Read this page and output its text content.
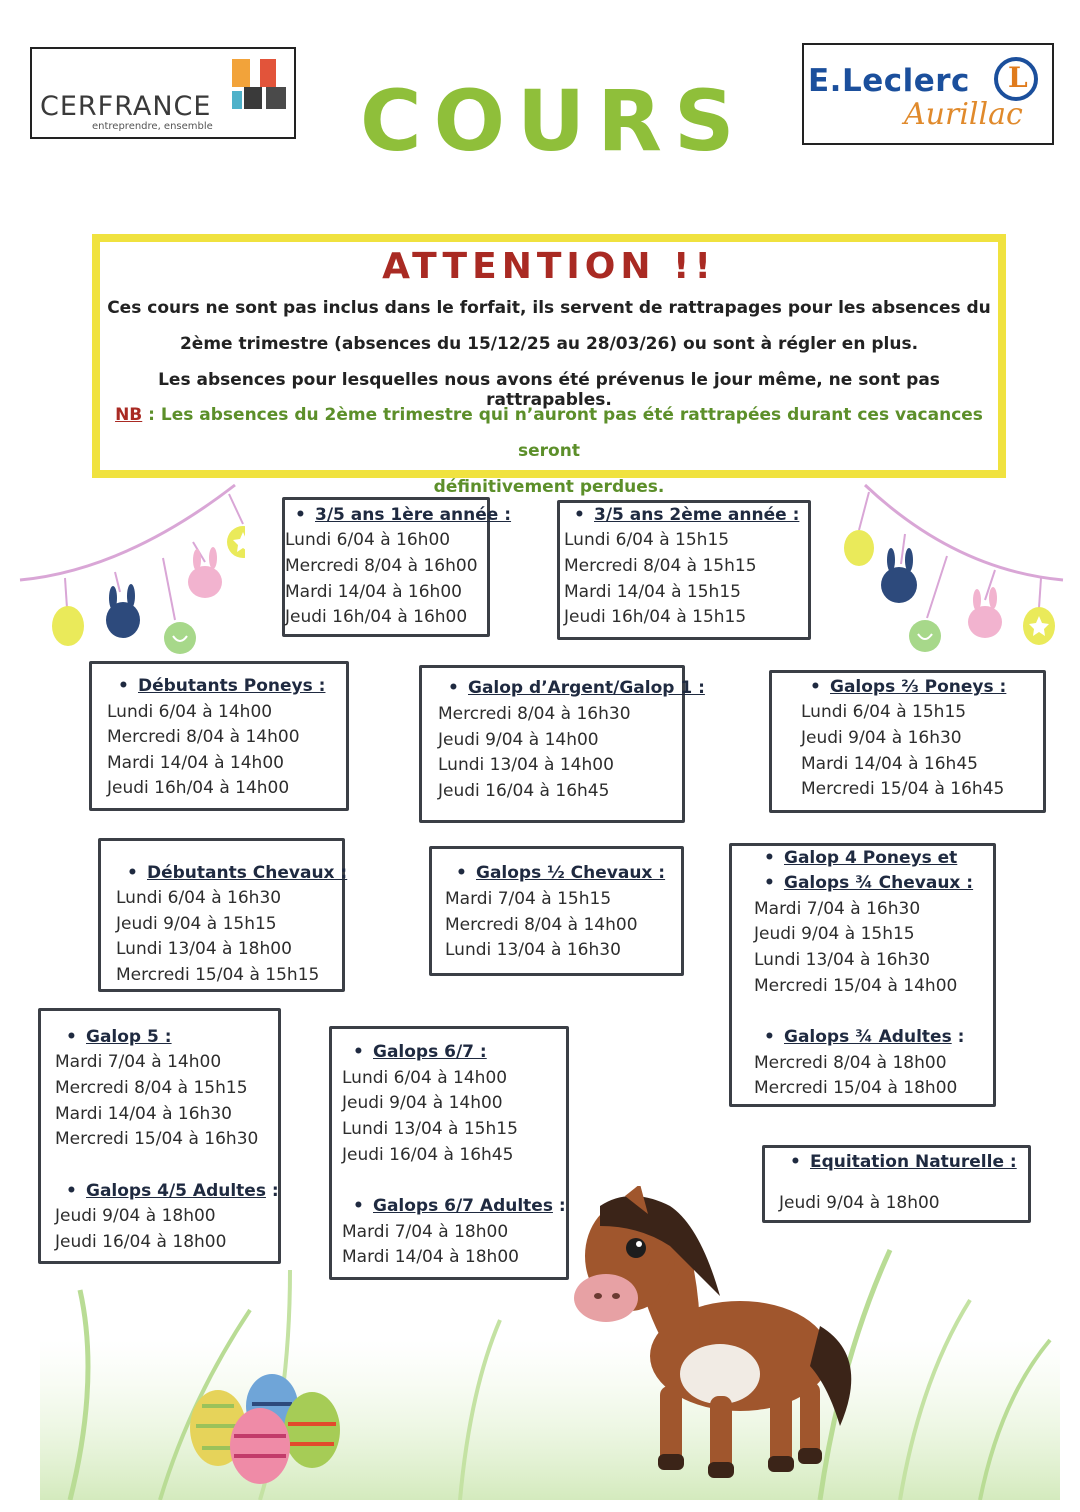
CERFRANCE
entreprendre, ensemble COURS E.Leclerc L
Aurillac
ATTENTION !!
Ces cours ne sont pas inclus dans le forfait, ils servent de rattrapages pour les absences du
2ème trimestre (absences du 15/12/25 au 28/03/26) ou sont à régler en plus.
Les absences pour lesquelles nous avons été prévenus le jour même, ne sont pas rattrapables.
NB : Les absences du 2ème trimestre qui n’auront pas été rattrapées durant ces vacances seront
définitivement perdues.
• 3/5 ans 1ère année :
Lundi 6/04 à 16h00
Mercredi 8/04 à 16h00
Mardi 14/04 à 16h00
Jeudi 16h/04 à 16h00
• 3/5 ans 2ème année :
Lundi 6/04 à 15h15
Mercredi 8/04 à 15h15
Mardi 14/04 à 15h15
Jeudi 16h/04 à 15h15
• Débutants Poneys :
Lundi 6/04 à 14h00
Mercredi 8/04 à 14h00
Mardi 14/04 à 14h00
Jeudi 16h/04 à 14h00
• Galop d’Argent/Galop 1 :
Mercredi 8/04 à 16h30
Jeudi 9/04 à 14h00
Lundi 13/04 à 14h00
Jeudi 16/04 à 16h45
• Galops ⅔ Poneys :
Lundi 6/04 à 15h15
Jeudi 9/04 à 16h30
Mardi 14/04 à 16h45
Mercredi 15/04 à 16h45
• Débutants Chevaux :
Lundi 6/04 à 16h30
Jeudi 9/04 à 15h15
Lundi 13/04 à 18h00
Mercredi 15/04 à 15h15
• Galops ½ Chevaux :
Mardi 7/04 à 15h15
Mercredi 8/04 à 14h00
Lundi 13/04 à 16h30
• Galop 4 Poneys et
• Galops ¾ Chevaux :
Mardi 7/04 à 16h30
Jeudi 9/04 à 15h15
Lundi 13/04 à 16h30
Mercredi 15/04 à 14h00
• Galops ¾ Adultes :
Mercredi 8/04 à 18h00
Mercredi 15/04 à 18h00
• Galop 5 :
Mardi 7/04 à 14h00
Mercredi 8/04 à 15h15
Mardi 14/04 à 16h30
Mercredi 15/04 à 16h30
• Galops 4/5 Adultes :
Jeudi 9/04 à 18h00
Jeudi 16/04 à 18h00
• Galops 6/7 :
Lundi 6/04 à 14h00
Jeudi 9/04 à 14h00
Lundi 13/04 à 15h15
Jeudi 16/04 à 16h45
• Galops 6/7 Adultes :
Mardi 7/04 à 18h00
Mardi 14/04 à 18h00
• Equitation Naturelle :
Jeudi 9/04 à 18h00
